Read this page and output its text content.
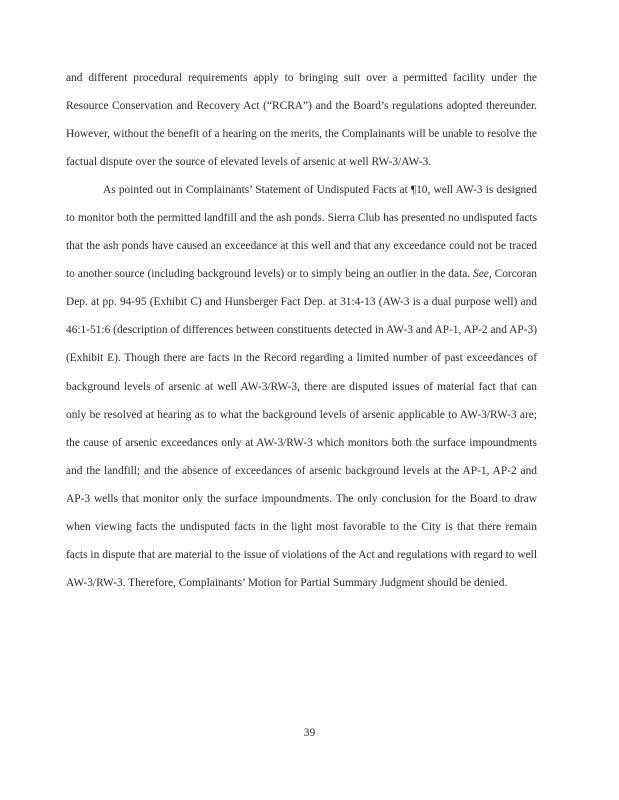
and different procedural requirements apply to bringing suit over a permitted facility under the Resource Conservation and Recovery Act (“RCRA”) and the Board’s regulations adopted thereunder. However, without the benefit of a hearing on the merits, the Complainants will be unable to resolve the factual dispute over the source of elevated levels of arsenic at well RW-3/AW-3.

As pointed out in Complainants’ Statement of Undisputed Facts at ¶10, well AW-3 is designed to monitor both the permitted landfill and the ash ponds. Sierra Club has presented no undisputed facts that the ash ponds have caused an exceedance at this well and that any exceedance could not be traced to another source (including background levels) or to simply being an outlier in the data. See, Corcoran Dep. at pp. 94-95 (Exhibit C) and Hunsberger Fact Dep. at 31:4-13 (AW-3 is a dual purpose well) and 46:1-51:6 (description of differences between constituents detected in AW-3 and AP-1, AP-2 and AP-3) (Exhibit E). Though there are facts in the Record regarding a limited number of past exceedances of background levels of arsenic at well AW-3/RW-3, there are disputed issues of material fact that can only be resolved at hearing as to what the background levels of arsenic applicable to AW-3/RW-3 are; the cause of arsenic exceedances only at AW-3/RW-3 which monitors both the surface impoundments and the landfill; and the absence of exceedances of arsenic background levels at the AP-1, AP-2 and AP-3 wells that monitor only the surface impoundments. The only conclusion for the Board to draw when viewing facts the undisputed facts in the light most favorable to the City is that there remain facts in dispute that are material to the issue of violations of the Act and regulations with regard to well AW-3/RW-3. Therefore, Complainants’ Motion for Partial Summary Judgment should be denied.

39
